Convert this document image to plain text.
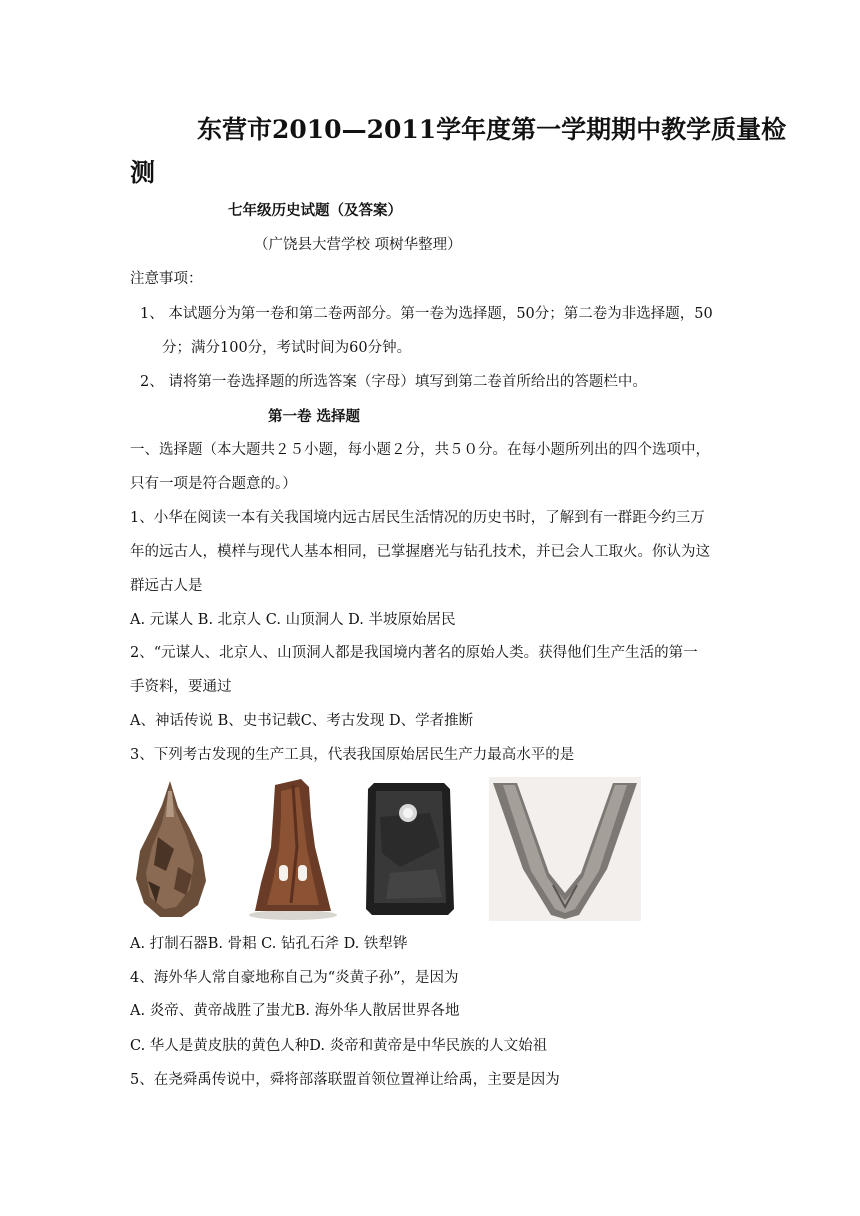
东营市2010—2011学年度第一学期期中教学质量检
测
七年级历史试题（及答案）
（广饶县大营学校 项树华整理）
注意事项：
1、 本试题分为第一卷和第二卷两部分。第一卷为选择题，50分；第二卷为非选择题，50
分；满分100分，考试时间为60分钟。
2、 请将第一卷选择题的所选答案（字母）填写到第二卷首所给出的答题栏中。
第一卷 选择题
一、选择题（本大题共２５小题，每小题２分，共５０分。在每小题所列出的四个选项中，
只有一项是符合题意的。）
1、小华在阅读一本有关我国境内远古居民生活情况的历史书时，了解到有一群距今约三万
年的远古人，模样与现代人基本相同，已掌握磨光与钻孔技术，并已会人工取火。你认为这
群远古人是
A. 元谋人 B. 北京人 C. 山顶洞人 D. 半坡原始居民
2、“元谋人、北京人、山顶洞人都是我国境内著名的原始人类。获得他们生产生活的第一
手资料，要通过
A、神话传说 B、史书记载C、考古发现 D、学者推断
3、下列考古发现的生产工具，代表我国原始居民生产力最高水平的是
A. 打制石器B. 骨耜 C. 钻孔石斧 D. 铁犁铧
4、海外华人常自豪地称自己为“炎黄子孙”，是因为
A. 炎帝、黄帝战胜了蚩尤B. 海外华人散居世界各地
C. 华人是黄皮肤的黄色人种D. 炎帝和黄帝是中华民族的人文始祖
5、在尧舜禹传说中，舜将部落联盟首领位置禅让给禹，主要是因为
